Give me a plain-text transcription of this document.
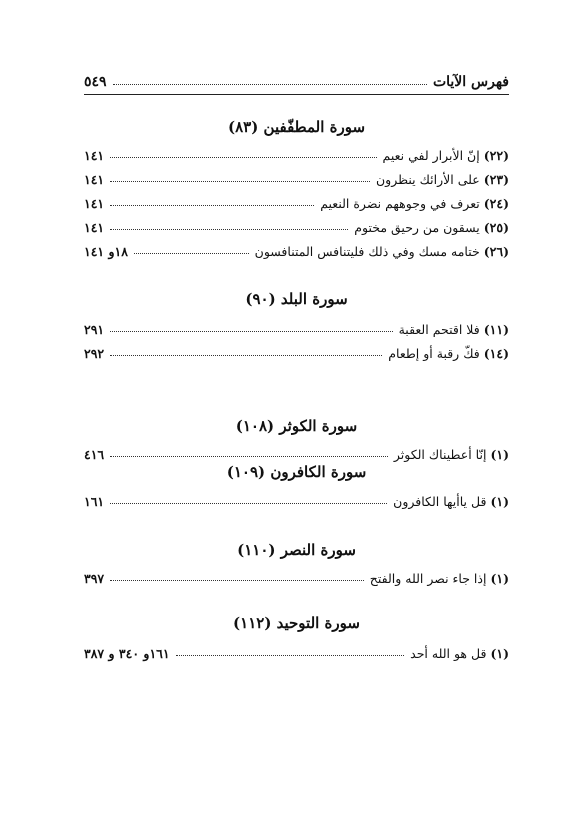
فهرس الآيات
٥٤٩
سورة المطفّفين (٨٣)
(٢٢)
إنّ الأبرار لفي نعيم
١٤١
(٢٣)
على الأرائك ينظرون
١٤١
(٢٤)
تعرف في وجوههم نضرة النعيم
١٤١
(٢٥)
يسقون من رحيق مختوم
١٤١
(٢٦)
ختامه مسك وفي ذلك فليتنافس المتنافسون
١٨و ١٤١
سورة البلد (٩٠)
(١١)
فلا اقتحم العقبة
٢٩١
(١٤)
فكّ رقبة أو إطعام
٢٩٢
سورة الكوثر (١٠٨)
(١)
إنّا أعطيناك الكوثر
٤١٦
سورة الكافرون (١٠٩)
(١)
قل ياأيها الكافرون
١٦١
سورة النصر (١١٠)
(١)
إذا جاء نصر الله والفتح
٣٩٧
سورة التوحيد (١١٢)
(١)
قل هو الله أحد
١٦١و ٣٤٠ و ٣٨٧
